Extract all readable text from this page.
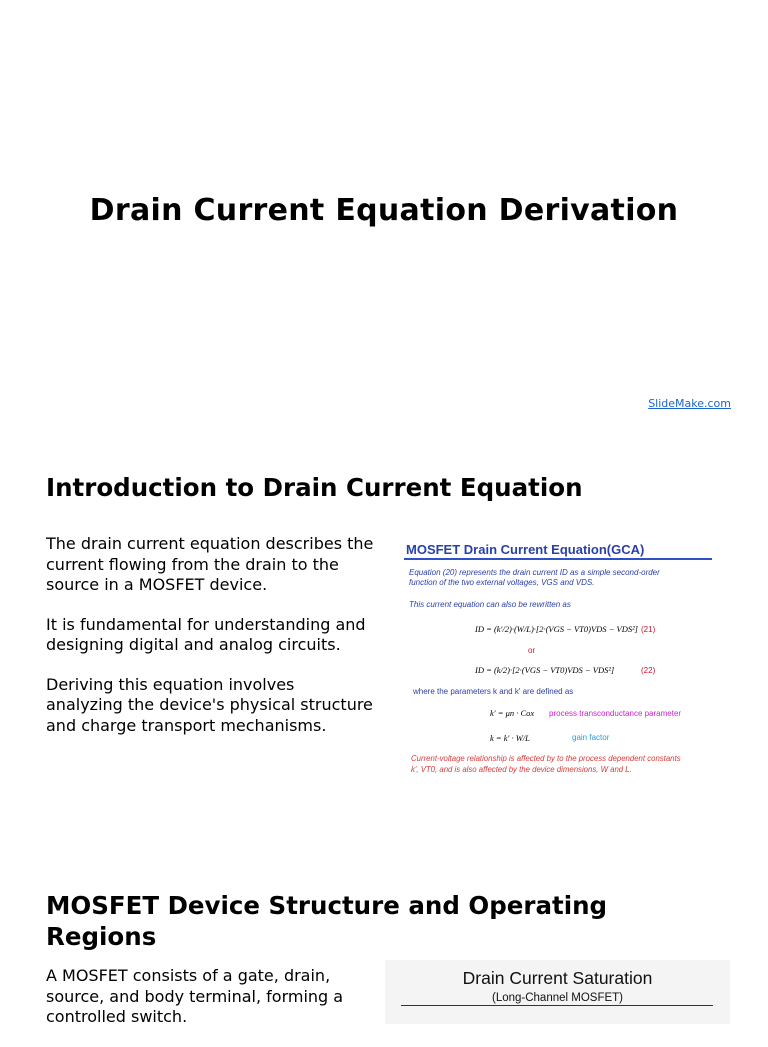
Drain Current Equation Derivation
SlideMake.com
Introduction to Drain Current Equation

The drain current equation describes the current flowing from the drain to the source in a MOSFET device.

It is fundamental for understanding and designing digital and analog circuits.

Deriving this equation involves analyzing the device's physical structure and charge transport mechanisms.

MOSFET Drain Current Equation(GCA)
Equation (20) represents the drain current ID as a simple second-order
function of the two external voltages, VGS and VDS.
This current equation can also be rewritten as
ID = (k'/2)·(W/L)·[2·(VGS − VT0)VDS − VDS²] (21)
or
ID = (k/2)·[2·(VGS − VT0)VDS − VDS²]	(22)
where the parameters k and k' are defined as
k' = μn · Cox process transconductance parameter
k = k' · W/L	gain factor
Current-voltage relationship is affected by to the process dependent constants
k', VT0, and is also affected by the device dimensions, W and L.
MOSFET Device Structure and Operating Regions

A MOSFET consists of a gate, drain, source, and body terminal, forming a controlled switch.

Drain Current Saturation
(Long-Channel MOSFET)
